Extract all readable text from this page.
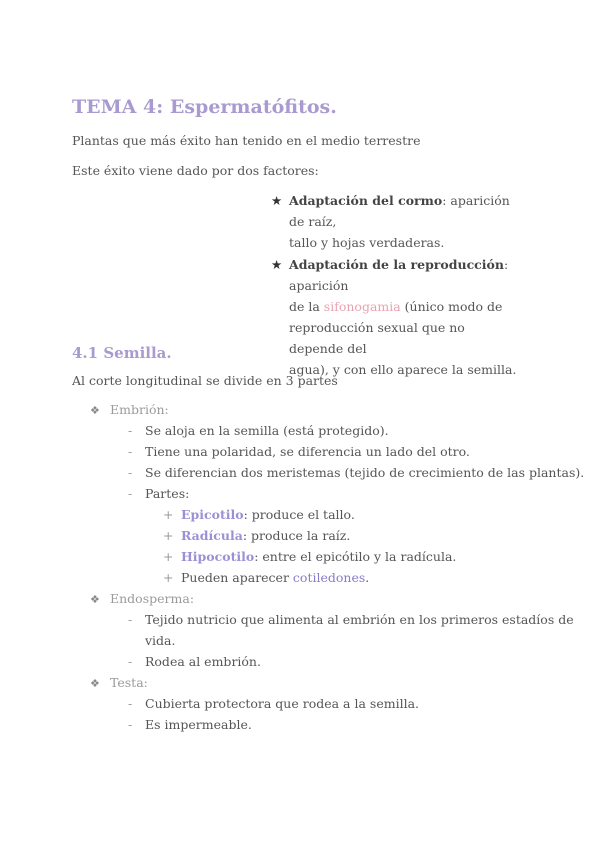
TEMA 4: Espermatófitos.
Plantas que más éxito han tenido en el medio terrestre
Este éxito viene dado por dos factores:
★ Adaptación del cormo: aparición de raíz,
tallo y hojas verdaderas.
★ Adaptación de la reproducción: aparición
de la sifonogamia (único modo de
reproducción sexual que no depende del
agua), y con ello aparece la semilla.
4.1 Semilla.
Al corte longitudinal se divide en 3 partes
❖ Embrión:
- Se aloja en la semilla (está protegido).
- Tiene una polaridad, se diferencia un lado del otro.
- Se diferencian dos meristemas (tejido de crecimiento de las plantas).
- Partes:
+ Epicotilo: produce el tallo.
+ Radícula: produce la raíz.
+ Hipocotilo: entre el epicótilo y la radícula.
+ Pueden aparecer cotiledones.
❖ Endosperma:
- Tejido nutricio que alimenta al embrión en los primeros estadíos de
vida.
- Rodea al embrión.
❖ Testa:
- Cubierta protectora que rodea a la semilla.
- Es impermeable.
